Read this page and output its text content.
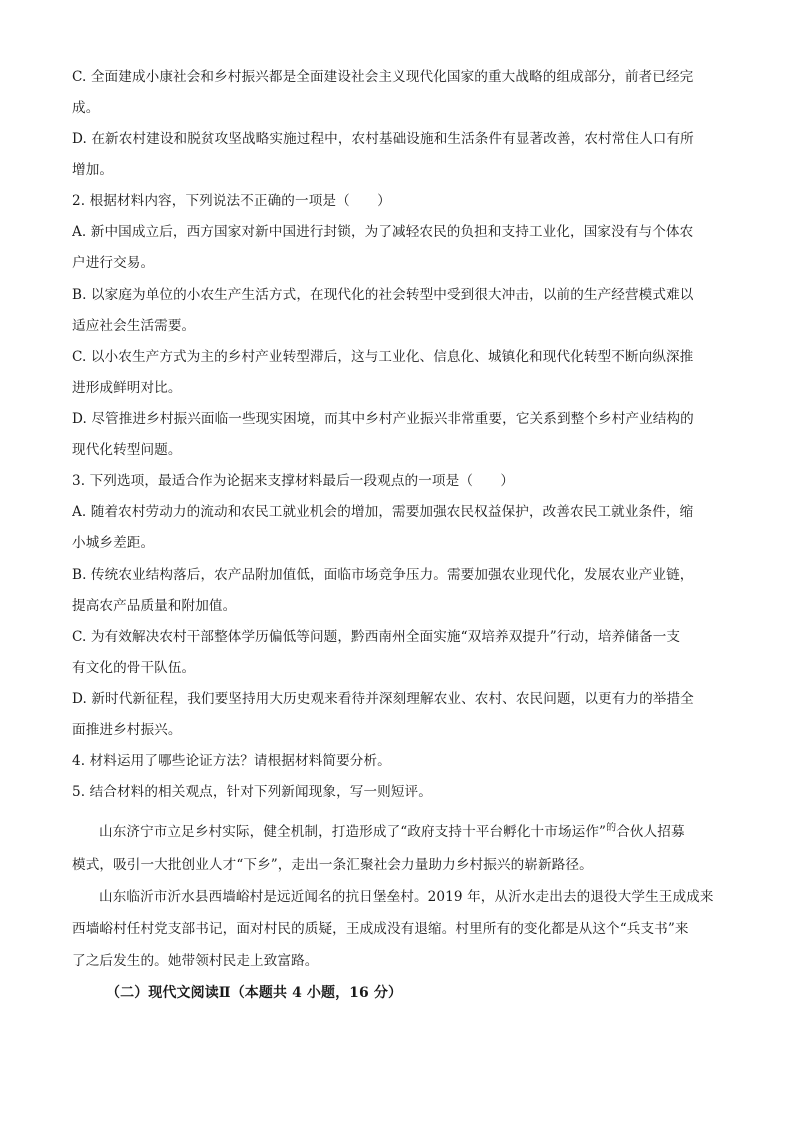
C. 全面建成小康社会和乡村振兴都是全面建设社会主义现代化国家的重大战略的组成部分，前者已经完
成。
D. 在新农村建设和脱贫攻坚战略实施过程中，农村基础设施和生活条件有显著改善，农村常住人口有所
增加。
2. 根据材料内容，下列说法不正确的一项是（　　）
A. 新中国成立后，西方国家对新中国进行封锁，为了减轻农民的负担和支持工业化，国家没有与个体农
户进行交易。
B. 以家庭为单位的小农生产生活方式，在现代化的社会转型中受到很大冲击，以前的生产经营模式难以
适应社会生活需要。
C. 以小农生产方式为主的乡村产业转型滞后，这与工业化、信息化、城镇化和现代化转型不断向纵深推
进形成鲜明对比。
D. 尽管推进乡村振兴面临一些现实困境，而其中乡村产业振兴非常重要，它关系到整个乡村产业结构的
现代化转型问题。
3. 下列选项，最适合作为论据来支撑材料最后一段观点的一项是（　　）
A. 随着农村劳动力的流动和农民工就业机会的增加，需要加强农民权益保护，改善农民工就业条件，缩
小城乡差距。
B. 传统农业结构落后，农产品附加值低，面临市场竞争压力。需要加强农业现代化，发展农业产业链，
提高农产品质量和附加值。
C. 为有效解决农村干部整体学历偏低等问题，黔西南州全面实施“双培养双提升”行动，培养储备一支
有文化的骨干队伍。
D. 新时代新征程，我们要坚持用大历史观来看待并深刻理解农业、农村、农民问题，以更有力的举措全
面推进乡村振兴。
4. 材料运用了哪些论证方法？请根据材料简要分析。
5. 结合材料的相关观点，针对下列新闻现象，写一则短评。
山东济宁市立足乡村实际，健全机制，打造形成了“政府支持十平台孵化十市场运作”$^的$合伙人招募
模式，吸引一大批创业人才“下乡”，走出一条汇聚社会力量助力乡村振兴的崭新路径。
山东临沂市沂水县西墙峪村是远近闻名的抗日堡垒村。2019 年，从沂水走出去的退役大学生王成成来
西墙峪村任村党支部书记，面对村民的质疑，王成成没有退缩。村里所有的变化都是从这个“兵支书”来
了之后发生的。她带领村民走上致富路。
（二）现代文阅读Ⅱ（本题共 4 小题，16 分）
